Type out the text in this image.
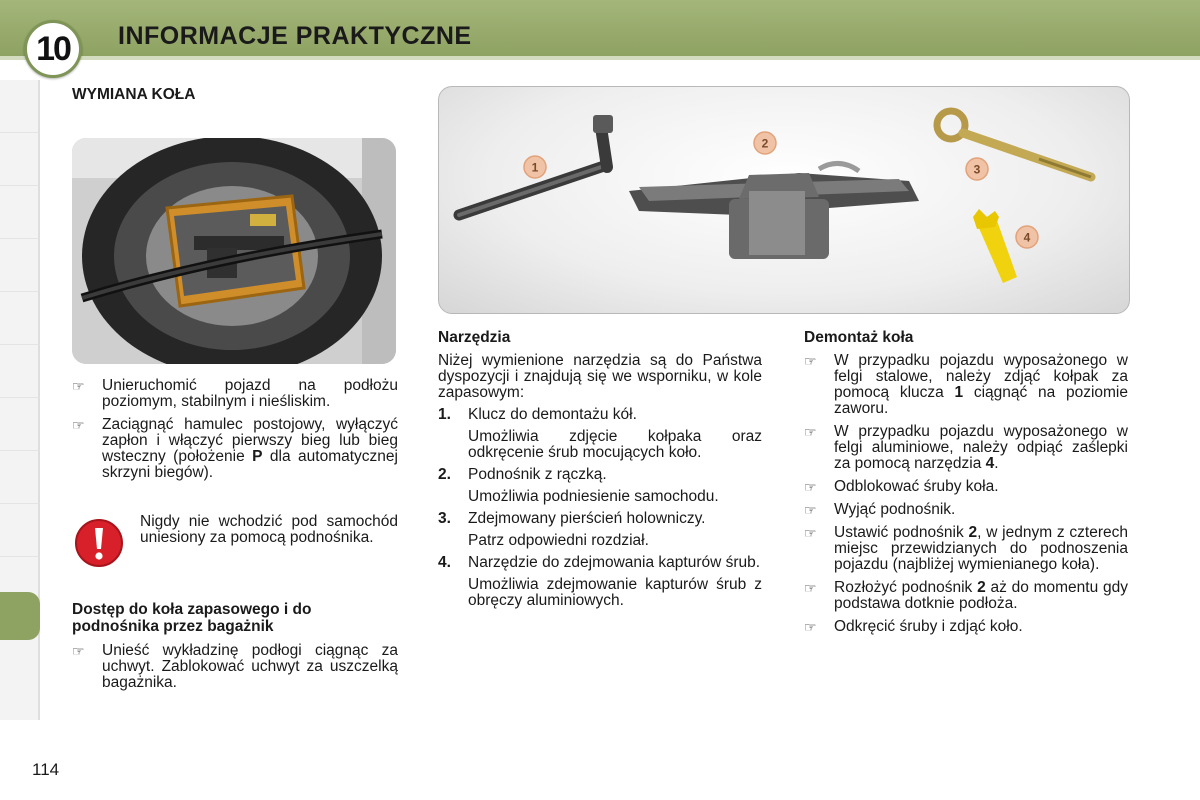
10 INFORMACJE PRAKTYCZNE
WYMIANA KOŁA
☞	Unieruchomić pojazd na podłożu poziomym, stabilnym i nieśliskim.
☞	Zaciągnąć hamulec postojowy, wyłączyć zapłon i włączyć pierwszy bieg lub bieg wsteczny (położenie P dla automatycznej skrzyni biegów).
Nigdy nie wchodzić pod samochód uniesiony za pomocą podnośnika.
Dostęp do koła zapasowego i do podnośnika przez bagażnik
☞	Unieść wykładzinę podłogi ciągnąc za uchwyt. Zablokować uchwyt za uszczelką bagażnika.
1
2
3
4
Narzędzia
Niżej wymienione narzędzia są do Państwa dyspozycji i znajdują się we wsporniku, w kole zapasowym:
1.	Klucz do demontażu kół.
Umożliwia zdjęcie kołpaka oraz odkręcenie śrub mocujących koło.
2.	Podnośnik z rączką.
Umożliwia podniesienie samochodu.
3.	Zdejmowany pierścień holowniczy.
Patrz odpowiedni rozdział.
4.	Narzędzie do zdejmowania kapturów śrub.
Umożliwia zdejmowanie kapturów śrub z obręczy aluminiowych.
Demontaż koła
☞	W przypadku pojazdu wyposażonego w felgi stalowe, należy zdjąć kołpak za pomocą klucza 1 ciągnąć na poziomie zaworu.
☞	W przypadku pojazdu wyposażonego w felgi aluminiowe, należy odpiąć zaślepki za pomocą narzędzia 4.
☞	Odblokować śruby koła.
☞	Wyjąć podnośnik.
☞	Ustawić podnośnik 2, w jednym z czterech miejsc przewidzianych do podnoszenia pojazdu (najbliżej wymienianego koła).
☞	Rozłożyć podnośnik 2 aż do momentu gdy podstawa dotknie podłoża.
☞	Odkręcić śruby i zdjąć koło.
114
